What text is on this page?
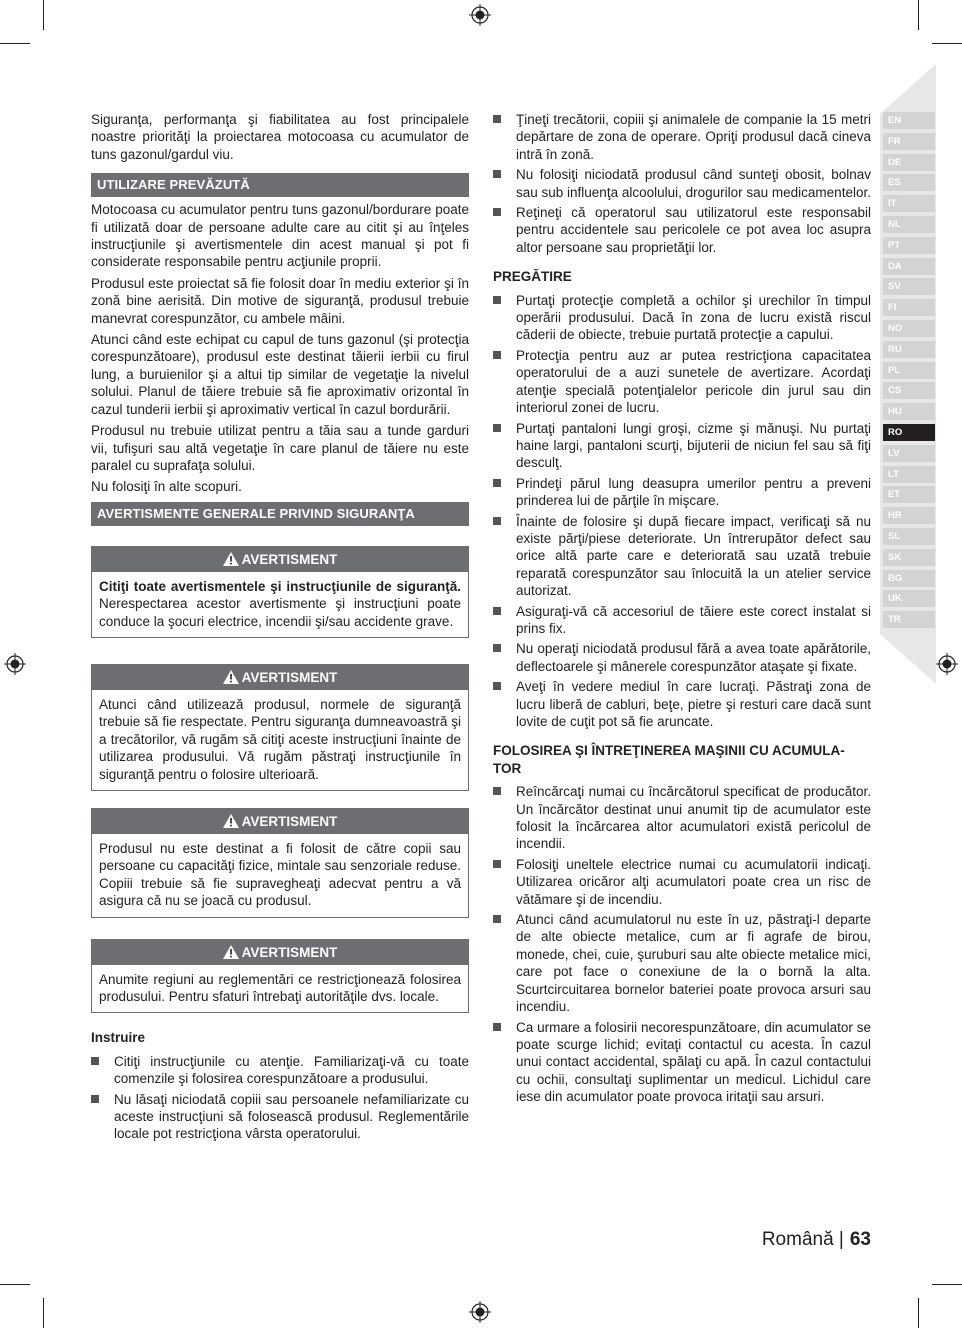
Siguranţa, performanţa şi fiabilitatea au fost principalele noastre priorităţi la proiectarea motocoasa cu acumulator de tuns gazonul/gardul viu.

UTILIZARE PREVĂZUTĂ

Motocoasa cu acumulator pentru tuns gazonul/bordurare poate fi utilizată doar de persoane adulte care au citit şi au înţeles instrucţiunile şi avertismentele din acest manual şi pot fi considerate responsabile pentru acţiunile proprii.

Produsul este proiectat să fie folosit doar în mediu exterior şi în zonă bine aerisită. Din motive de siguranţă, produsul trebuie manevrat corespunzător, cu ambele mâini.

Atunci când este echipat cu capul de tuns gazonul (şi protecţia corespunzătoare), produsul este destinat tăierii ierbii cu firul lung, a buruienilor şi a altui tip similar de vegetaţie la nivelul solului. Planul de tăiere trebuie să fie aproximativ orizontal în cazul tunderii ierbii şi aproximativ vertical în cazul bordurării.

Produsul nu trebuie utilizat pentru a tăia sau a tunde garduri vii, tufişuri sau altă vegetaţie în care planul de tăiere nu este paralel cu suprafaţa solului.

Nu folosiţi în alte scopuri.

AVERTISMENTE GENERALE PRIVIND SIGURANŢA
AVERTISMENT
Citiţi toate avertismentele şi instrucţiunile de siguranţă. Nerespectarea acestor avertismente şi instrucţiuni poate conduce la şocuri electrice, incendii şi/sau accidente grave.
AVERTISMENT
Atunci când utilizează produsul, normele de siguranţă trebuie să fie respectate. Pentru siguranţa dumneavoastră şi a trecătorilor, vă rugăm să citiţi aceste instrucţiuni înainte de utilizarea produsului. Vă rugăm păstraţi instrucţiunile în siguranţă pentru o folosire ulterioară.
AVERTISMENT
Produsul nu este destinat a fi folosit de către copii sau persoane cu capacităţi fizice, mintale sau senzoriale reduse. Copiii trebuie să fie supravegheaţi adecvat pentru a vă asigura că nu se joacă cu produsul.
AVERTISMENT
Anumite regiuni au reglementări ce restricţionează folosirea produsului. Pentru sfaturi întrebaţi autorităţile dvs. locale.
Instruire
Citiţi instrucţiunile cu atenţie. Familiarizaţi-vă cu toate comenzile şi folosirea corespunzătoare a produsului.
Nu lăsaţi niciodată copiii sau persoanele nefamiliarizate cu aceste instrucţiuni să folosească produsul. Reglementările locale pot restricţiona vârsta operatorului.
Ţineţi trecătorii, copiii şi animalele de companie la 15 metri depărtare de zona de operare. Opriţi produsul dacă cineva intră în zonă.
Nu folosiţi niciodată produsul când sunteţi obosit, bolnav sau sub influenţa alcoolului, drogurilor sau medicamentelor.
Reţineţi că operatorul sau utilizatorul este responsabil pentru accidentele sau pericolele ce pot avea loc asupra altor persoane sau proprietăţii lor.
PREGĂTIRE
Purtaţi protecţie completă a ochilor şi urechilor în timpul operării produsului. Dacă în zona de lucru există riscul căderii de obiecte, trebuie purtată protecţie a capului.
Protecţia pentru auz ar putea restricţiona capacitatea operatorului de a auzi sunetele de avertizare. Acordaţi atenţie specială potenţialelor pericole din jurul sau din interiorul zonei de lucru.
Purtaţi pantaloni lungi groşi, cizme şi mănuşi. Nu purtaţi haine largi, pantaloni scurţi, bijuterii de niciun fel sau să fiţi desculţ.
Prindeţi părul lung deasupra umerilor pentru a preveni prinderea lui de părţile în mişcare.
Înainte de folosire şi după fiecare impact, verificaţi să nu existe părţi/piese deteriorate. Un întrerupător defect sau orice altă parte care e deteriorată sau uzată trebuie reparată corespunzător sau înlocuită la un atelier service autorizat.
Asiguraţi-vă că accesoriul de tăiere este corect instalat si prins fix.
Nu operaţi niciodată produsul fără a avea toate apărătorile, deflectoarele şi mânerele corespunzător ataşate şi fixate.
Aveţi în vedere mediul în care lucraţi. Păstraţi zona de lucru liberă de cabluri, beţe, pietre şi resturi care dacă sunt lovite de cuţit pot să fie aruncate.
FOLOSIREA ŞI ÎNTREŢINEREA MAŞINII CU ACUMULA-TOR
Reîncărcaţi numai cu încărcătorul specificat de producător. Un încărcător destinat unui anumit tip de acumulator este folosit la încărcarea altor acumulatori există pericolul de incendii.
Folosiţi uneltele electrice numai cu acumulatorii indicaţi. Utilizarea oricăror alţi acumulatori poate crea un risc de vătămare şi de incendiu.
Atunci când acumulatorul nu este în uz, păstraţi-l departe de alte obiecte metalice, cum ar fi agrafe de birou, monede, chei, cuie, şuruburi sau alte obiecte metalice mici, care pot face o conexiune de la o bornă la alta. Scurtcircuitarea bornelor bateriei poate provoca arsuri sau incendiu.
Ca urmare a folosirii necorespunzătoare, din acumulator se poate scurge lichid; evitaţi contactul cu acesta. În cazul unui contact accidental, spălaţi cu apă. În cazul contactului cu ochii, consultaţi suplimentar un medicul. Lichidul care iese din acumulator poate provoca iritaţii sau arsuri.
EN
FR
DE
ES
IT
NL
PT
DA
SV
FI
NO
RU
PL
CS
HU
RO
LV
LT
ET
HR
SL
SK
BG
UK
TR
Română | 63
